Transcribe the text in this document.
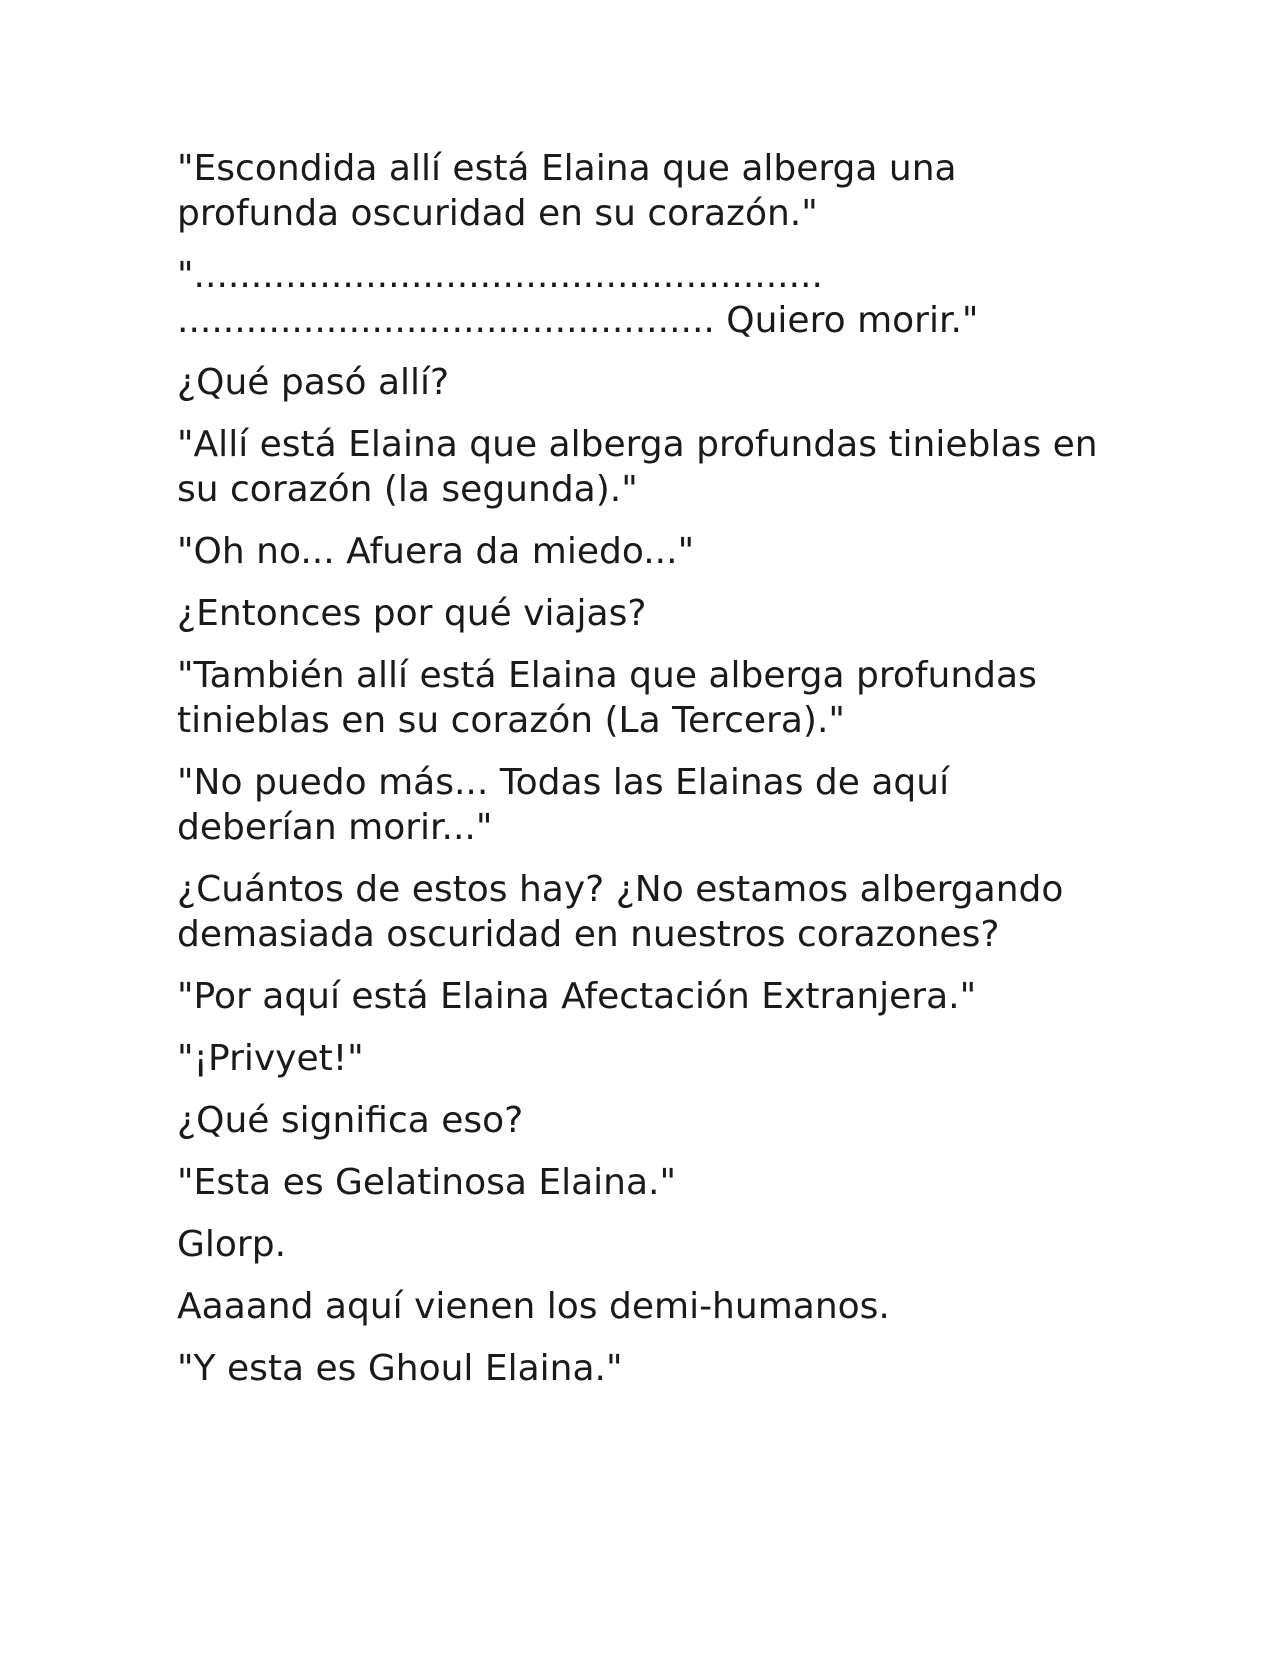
"Escondida allí está Elaina que alberga una profunda oscuridad en su corazón."

".......................................................​............................................... Quiero morir."

¿Qué pasó allí?

"Allí está Elaina que alberga profundas tinieblas en su corazón (la segunda)."

"Oh no... Afuera da miedo..."

¿Entonces por qué viajas?

"También allí está Elaina que alberga profundas tinieblas en su corazón (La Tercera)."

"No puedo más... Todas las Elainas de aquí deberían morir..."

¿Cuántos de estos hay? ¿No estamos albergando demasiada oscuridad en nuestros corazones?

"Por aquí está Elaina Afectación Extranjera."

"¡Privyet!"

¿Qué significa eso?

"Esta es Gelatinosa Elaina."

Glorp.

Aaaand aquí vienen los demi-humanos.

"Y esta es Ghoul Elaina."
